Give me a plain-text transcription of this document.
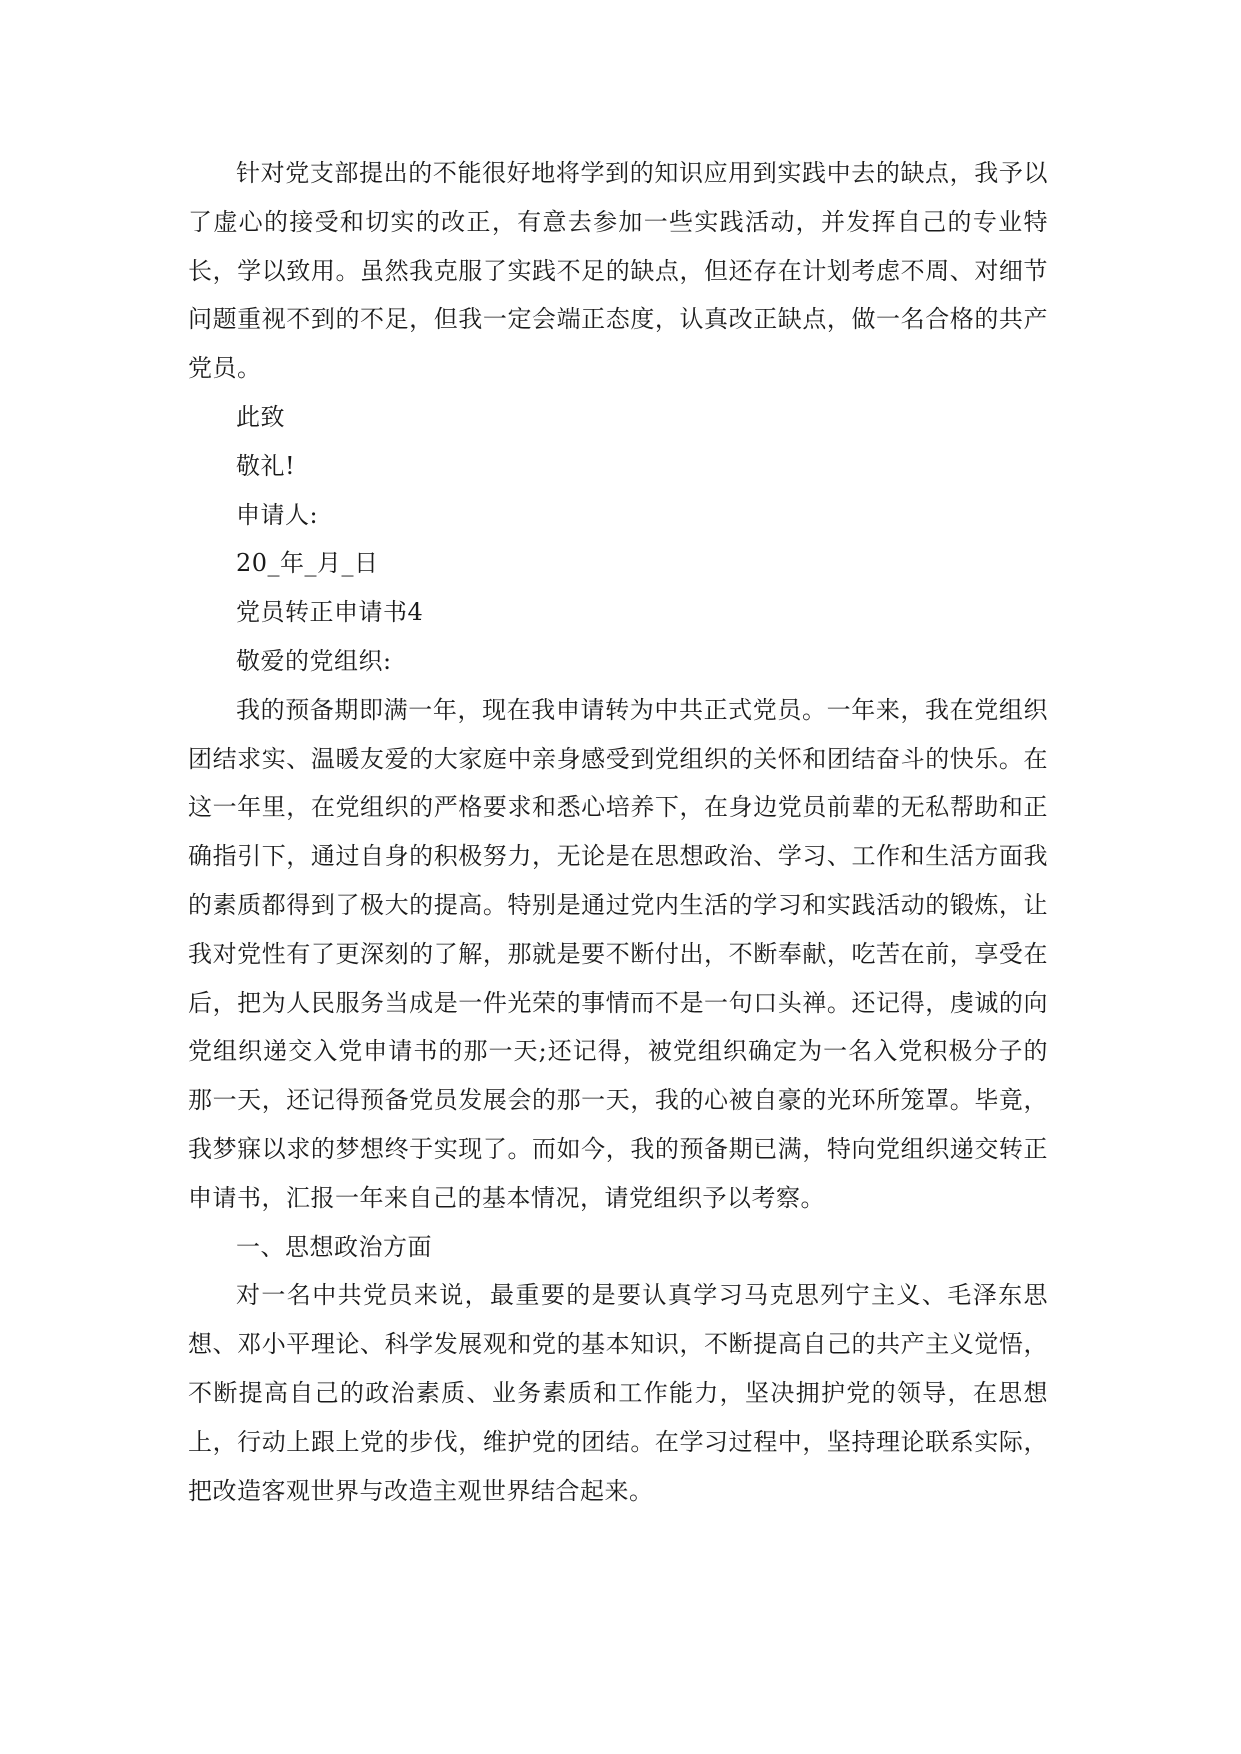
针对党支部提出的不能很好地将学到的知识应用到实践中去的缺点，我予以了虚心的接受和切实的改正，有意去参加一些实践活动，并发挥自己的专业特长，学以致用。虽然我克服了实践不足的缺点，但还存在计划考虑不周、对细节问题重视不到的不足，但我一定会端正态度，认真改正缺点，做一名合格的共产党员。

此致

敬礼!

申请人:

20_年_月_日

党员转正申请书4

敬爱的党组织:

我的预备期即满一年，现在我申请转为中共正式党员。一年来，我在党组织团结求实、温暖友爱的大家庭中亲身感受到党组织的关怀和团结奋斗的快乐。在这一年里，在党组织的严格要求和悉心培养下，在身边党员前辈的无私帮助和正确指引下，通过自身的积极努力，无论是在思想政治、学习、工作和生活方面我的素质都得到了极大的提高。特别是通过党内生活的学习和实践活动的锻炼，让我对党性有了更深刻的了解，那就是要不断付出，不断奉献，吃苦在前，享受在后，把为人民服务当成是一件光荣的事情而不是一句口头禅。还记得，虔诚的向党组织递交入党申请书的那一天;还记得，被党组织确定为一名入党积极分子的那一天，还记得预备党员发展会的那一天，我的心被自豪的光环所笼罩。毕竟，我梦寐以求的梦想终于实现了。而如今，我的预备期已满，特向党组织递交转正申请书，汇报一年来自己的基本情况，请党组织予以考察。

一、思想政治方面

对一名中共党员来说，最重要的是要认真学习马克思列宁主义、毛泽东思想、邓小平理论、科学发展观和党的基本知识，不断提高自己的共产主义觉悟，不断提高自己的政治素质、业务素质和工作能力，坚决拥护党的领导，在思想上，行动上跟上党的步伐，维护党的团结。在学习过程中，坚持理论联系实际，把改造客观世界与改造主观世界结合起来。
